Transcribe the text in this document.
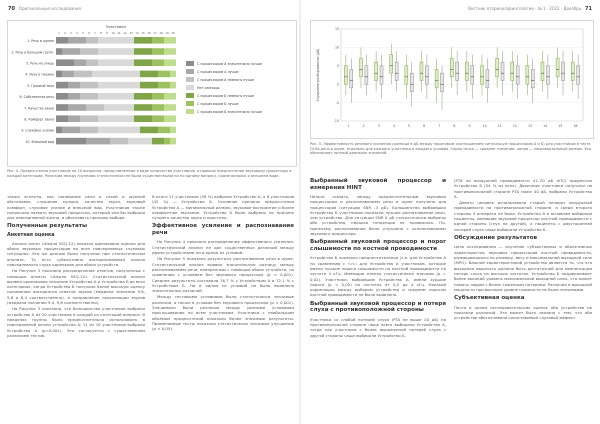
70 Оригинальные исследования
Участники
1 2 3 4 5 6 7 8 9 10 11 12 13 14 15 16 17 18 19 20
1. Речь в шумне
2. Речь в большом групп.
3. Речь на улице
4. Речь в тишине
5. Громкий звук
6. Собственная речь
7. Качество звука
8. Комфорт звука
9. Слуховое усилие
10. Внешний вид
С процессором А значительно лучше
С процессором А лучше
С процессором А немного лучше
Нет разницы
С процессором Б немного лучше
С процессором Б лучше
С процессором Б значительно лучше
Рис. 4. Предпочтения участников по 10 вопросам, представленные в виде количества участников, отдавших предпочтение звуковому процессору в каждой категории. Различия между группами статистически не были существенными ни по одному вопросу, кроме вопроса о внешнем виде.

также аспекты, как понимание речи в тихой и шумной обстановке, слушание музыки, качество звука, звуковой комфорт, слуховое усилие и внешний вид. Участников также попросили назвать звуковой процессор, который они бы выбрали для повседневной жизни, и обосновать причины выбора.

Полученные результаты
Анкетная оценка

Анализ анкет (Шкала SSQ-12) показал одинаковое оценки для обоих звуковых процессоров во всех повседневных слуховых ситуациях. Эти же данные были получены при статистическом анализе. То есть субъективно воспринимаемый польза повседневного слуха одинакова для обоих устройств.

На Рисунке 3 показано распределение ответов, полученных с помощью анкеты «Шкала SSQ-12». Статистический анализ выявил одинаковое значение Устройства А и Устройства Б во всех категориях, когда Устройство Б получило более высокую оценку пониманию восприятия ответов звуков (медиана значение 9,8, 9,8 и 8,4 соответственно), и направления локализации звуков (медиана значение 9,4, 9,6 соответственно).

На Рисунке 3 показано, что большинство участников выбрали устройство А из 20 участников в каждой из категорий вопроса. В пределах группы было предпочтительно использовать в повседневной жизни устройство А; 11 из 19 участников выбрали Устройство А (p=0,001). Это согласуется с существенным различием тестов.

В итоге 11 участников (58 %) выбрали Устройство А, а 8 участников (42 %) — Устройство Б. Основное причины предпочтения Устройства А — минимальный размер, звуковое восприятие и более комфортное звучание. Устройство Б было выбрано по причине лучшего качества звука и простоты.

Эффективное усиление и распознавание речи

На Рисунке 4 показано распределение эффективного усиления. Статистический анализ не дал существенных различий между двумя устройствами ни в одном из условий.

На Рисунке 5 показано результаты распознавания речи в шуме. Статистический анализ выявил значительную разницу между распознаванием речи, измеренным с помощью обоих устройств, по сравнению с условием без звукового процессора (р < 0,001). Средние результаты составили 76,7 % с Устройством А и 72,1 % с Устройством Б. Ни в одном из условий не было выявлено значительных различий.

Между тестовыми условиями были статистически значимые различия, а также в условии без звукового процессора (р < 0,001). Значимыми были различия между разными условиями прослушивания по всем участникам. Участники с наибольшим объёмом предпочтений показали более значимые результаты. Применяемые тесты показали статистически значимое улучшение (р < 0,05).

Вестник оториноларингологии · № 1 · 2022 · Декабрь 71
-10
-5
0
5
10
15
Улучшение разборчивости (дБ)
1	2	3	4	5	6	7	8	9	10	11	12	13	14	15	16
Рис. 5. Эффективность речевого усиления (разница в дБ между пороговым соотношением сигнал/шум процессоров А и Б) для участников в тесте OLSA-речь в шуме, отдельно для каждого участника и каждого условия. Серая точка — среднее значение; линии — межквартильный размах. Усы обозначают полный диапазон значений.
Выбранный звуковой процессор и измерения HINT

Нельзя сказать, между предпочтительным звуковым процессором и распознаванием речи в шуме получено для процессоров (ситуации SNR -3 дБ). Большинство выбравших Устройство Б участников показали лучшее распознавание речи, чем устройство. Для ситуации SNR 0 дБ статистически выбраны обе устройства, никакая тенденция не проявилась. По-прежнему распознавание было улучшено с использованием звукового процессора.

Выбранный звуковой процессор и порог слышимости по костной проводимости

Устройство Б показало предпочтительное (т.е. для Устройства А по сравнению с т.п.) для Устройства А участников, которые имели лучшие пороги слышимости по костной проводимости на частоте 4 кГц. Имеющие ответы статистически значимы (р = 0,02). Участники, выбравшие Устройство А, имели худшие пороги (р < 0,05) на частотах от 0,5 до 4 кГц. Никакой корреляции между выбором устройства и средним порогом костной проводимости не было выявлено.

Выбранный звуковой процессор и потеря слуха с противоположной стороны

Участники со слабой потерей слуха (PTA не выше 20 дБ) на противоположной стороне чаще всего выбирали Устройство А, тогда как участники с более выраженной потерей слуха с другой стороны чаще выбирали Устройство Б.

(PTA по воздушной проводимости 41–70 дБ нПС) предпочли Устройство Б (54 % из всех). Двоичные участники получили на противоположной стороне PTA ниже 40 дБ, выбрали Устройство А.

Девять человек использовали старый аппарат воздушной проводимости на противоположной стороне, а среди второго стороны 4 аппарата не было. Устройство А в основном выбирали пациенты, имеющие звуковой процессор костной проводимости с одной стороны (слух на другой), а пациенты с двусторонней потерей слуха чаще выбирали Устройство Б.

Обсуждение результатов

Цель исследования — изучение субъективных и объективных характеристик звуковых процессоров костной проводимости, размещающихся по размеру, весу и максимальной выходной силе (MPO). Важной характеристикой устройства является то, что его выходная мощность должна быть достаточной для компенсации потерь слуха на высоких частотах. Устройство Б поддерживает более высокий уровень максимальной выходной силы, что может помочь людям с более тяжёлыми потерями. Различия в выходной мощности при высоком уровне громкости не были значимыми.

Субъективная оценка

Почти в целом исследовательских оценок оба устройства не показали различий. Это может быть связано с тем, что оба устройства обеспечивали сопоставимый слуховой эффект.
